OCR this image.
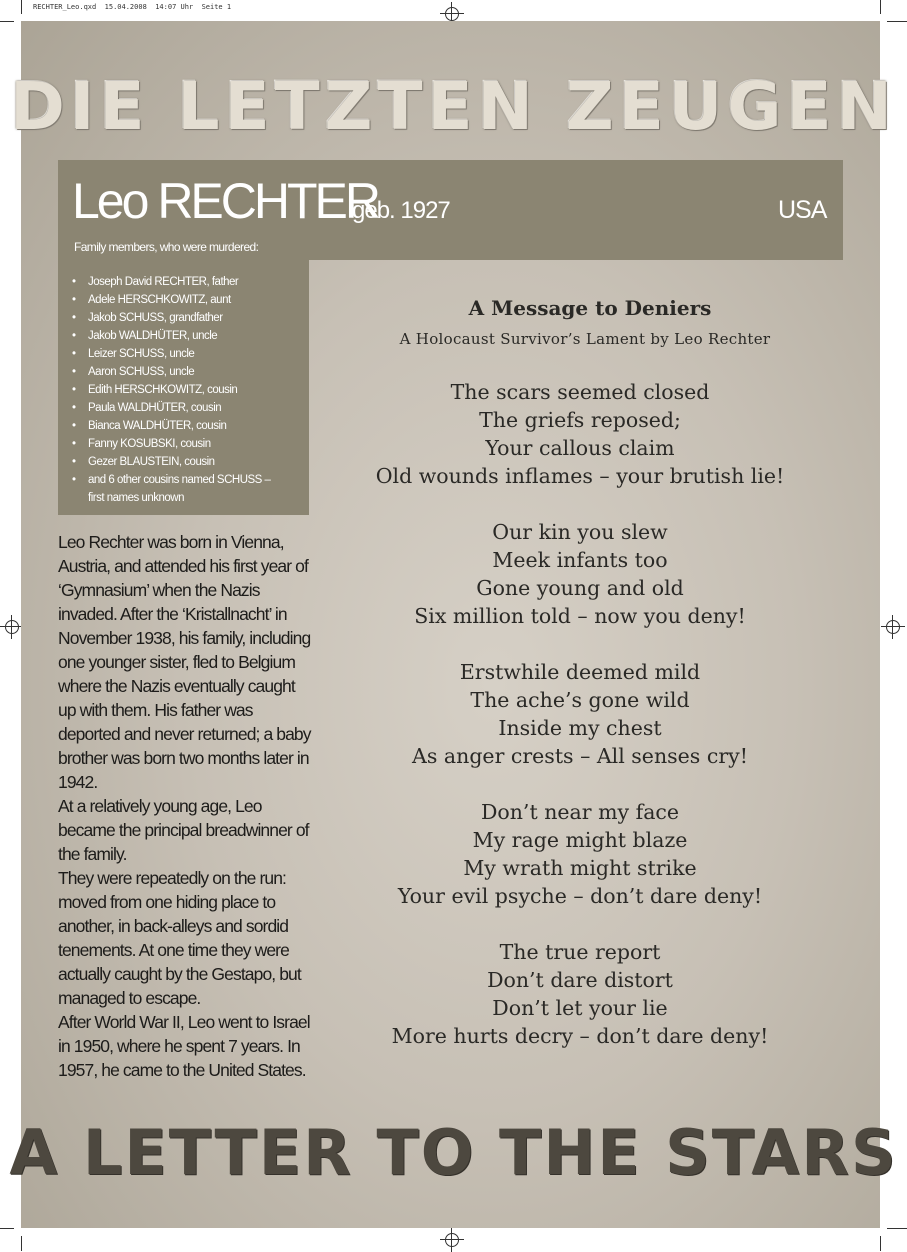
RECHTER_Leo.qxd  15.04.2008  14:07 Uhr  Seite 1
DIE LETZTEN ZEUGEN
Leo RECHTER
geb. 1927	USA
Family members, who were murdered:
• Joseph David RECHTER, father
• Adele HERSCHKOWITZ, aunt
• Jakob SCHUSS, grandfather
• Jakob WALDHÜTER, uncle
• Leizer SCHUSS, uncle
• Aaron SCHUSS, uncle
• Edith HERSCHKOWITZ, cousin
• Paula WALDHÜTER, cousin
• Bianca WALDHÜTER, cousin
• Fanny KOSUBSKI, cousin
• Gezer BLAUSTEIN, cousin
• and 6 other cousins named SCHUSS – first names unknown

Leo Rechter was born in Vienna, Austria, and attended his first year of ‘Gymnasium’ when the Nazis invaded. After the ‘Kristallnacht’ in November 1938, his family, including one younger sister, fled to Belgium where the Nazis eventually caught up with them. His father was deported and never returned; a baby brother was born two months later in 1942.

At a relatively young age, Leo became the principal breadwinner of the family.

They were repeatedly on the run: moved from one hiding place to another, in back-alleys and sordid tenements. At one time they were actually caught by the Gestapo, but managed to escape.

After World War II, Leo went to Israel in 1950, where he spent 7 years. In 1957, he came to the United States.

A Message to Deniers
A Holocaust Survivor’s Lament by Leo Rechter
The scars seemed closed
The griefs reposed;
Your callous claim
Old wounds inflames – your brutish lie!
Our kin you slew
Meek infants too
Gone young and old
Six million told – now you deny!
Erstwhile deemed mild
The ache’s gone wild
Inside my chest
As anger crests – All senses cry!
Don’t near my face
My rage might blaze
My wrath might strike
Your evil psyche – don’t dare deny!
The true report
Don’t dare distort
Don’t let your lie
More hurts decry – don’t dare deny!
A LETTER TO THE STARS
